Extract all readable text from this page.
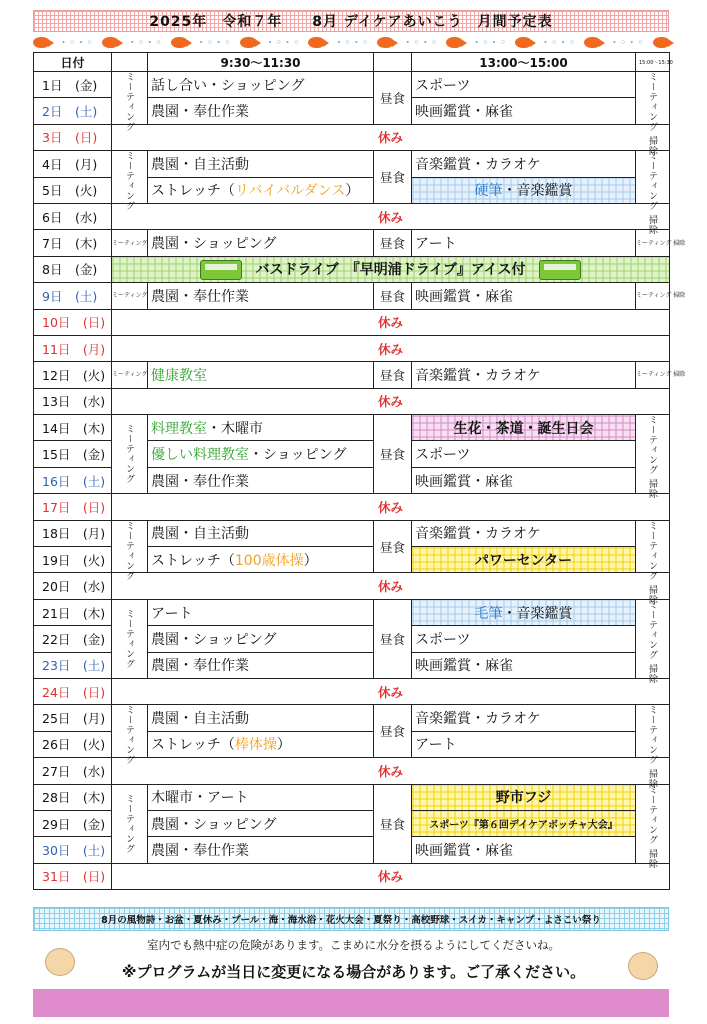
2025年　令和７年　　8月 デイケアあいこう　月間予定表
・◦・◦	・◦・◦	・◦・◦	・◦・◦	・◦・◦	・◦・◦	・◦・◦	・◦・◦	・◦・◦
日付		9:30～11:30		13:00～15:00	15:00～15:30
1日　(金)	ミーティング	話し合い・ショッピング	昼食	スポーツ	ミーティング 掃除
2日　(土)		農園・奉仕作業		映画鑑賞・麻雀	
3日　(日)	休み				
4日　(月)	ミーティング	農園・自主活動	昼食	音楽鑑賞・カラオケ	ミーティング 掃除
5日　(火)		ストレッチ（リバイバルダンス）		硬筆・音楽鑑賞	
6日　(水)	休み				
7日　(木)	ミーティング	農園・ショッピング	昼食	アート	ミーティング 掃除
8日　(金)	　バスドライブ　『早明浦ドライブ』アイス付				　
9日　(土)	ミーティング	農園・奉仕作業	昼食	映画鑑賞・麻雀	ミーティング 掃除
10日　(日)	休み				
11日　(月)	休み				
12日　(火)	ミーティング	健康教室	昼食	音楽鑑賞・カラオケ	ミーティング 掃除
13日　(水)	休み				
14日　(木)	ミーティング	料理教室・木曜市	昼食	生花・茶道・誕生日会	ミーティング 掃除
15日　(金)		優しい料理教室・ショッピング		スポーツ	
16日　(土)		農園・奉仕作業		映画鑑賞・麻雀	
17日　(日)	休み				
18日　(月)	ミーティング	農園・自主活動	昼食	音楽鑑賞・カラオケ	ミーティング 掃除
19日　(火)		ストレッチ（100歳体操）		パワーセンター	
20日　(水)	休み				
21日　(木)	ミーティング	アート	昼食	毛筆・音楽鑑賞	ミーティング 掃除
22日　(金)		農園・ショッピング		スポーツ	
23日　(土)		農園・奉仕作業		映画鑑賞・麻雀	
24日　(日)	休み				
25日　(月)	ミーティング	農園・自主活動	昼食	音楽鑑賞・カラオケ	ミーティング 掃除
26日　(火)		ストレッチ（棒体操）		アート	
27日　(水)	休み				
28日　(木)	ミーティング	木曜市・アート	昼食	野市フジ	ミーティング 掃除
29日　(金)		農園・ショッピング		スポーツ『第６回デイケアボッチャ大会』	
30日　(土)		農園・奉仕作業		映画鑑賞・麻雀	
31日　(日)	休み				
8月の風物詩・お盆・夏休み・プール・海・海水浴・花火大会・夏祭り・高校野球・スイカ・キャンプ・よさこい祭り
室内でも熱中症の危険があります。こまめに水分を摂るようにしてくださいね。
※プログラムが当日に変更になる場合があります。ご了承ください。
